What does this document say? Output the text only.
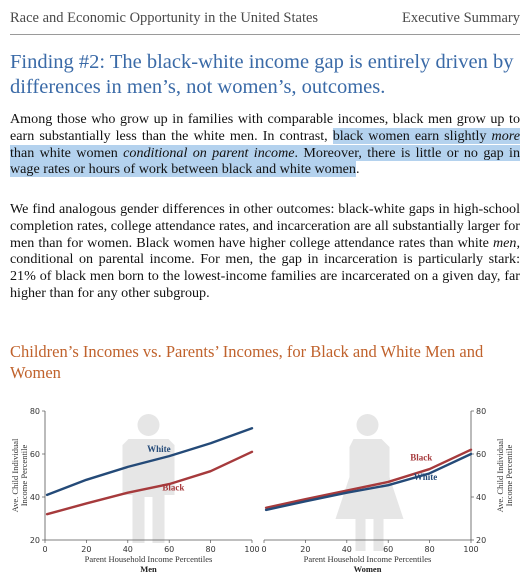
Race and Economic Opportunity in the United States	Executive Summary
Finding #2: The black-white income gap is entirely driven by differences in men’s, not women’s, outcomes.

Among those who grow up in families with comparable incomes, black men grow up to earn substantially less than the white men. In contrast, black women earn slightly more than white women conditional on parent income. Moreover, there is little or no gap in wage rates or hours of work between black and white women.

We find analogous gender differences in other outcomes: black-white gaps in high-school completion rates, college attendance rates, and incarceration are all substantially larger for men than for women. Black women have higher college attendance rates than white men, conditional on parental income. For men, the gap in incarceration is particularly stark: 21% of black men born to the lowest-income families are incarcerated on a given day, far higher than for any other subgroup.

Children’s Incomes vs. Parents’ Incomes, for Black and White Men and Women
0	20	40	60	80	100
20
40
60
80
Parent Household Income Percentiles
Men
Ave. Child Individual Income Percentile	White
Black
0	20	40	60	80	100
20
40
60
80
Parent Household Income Percentiles
Women
Ave. Child Individual Income Percentile
Black
White
